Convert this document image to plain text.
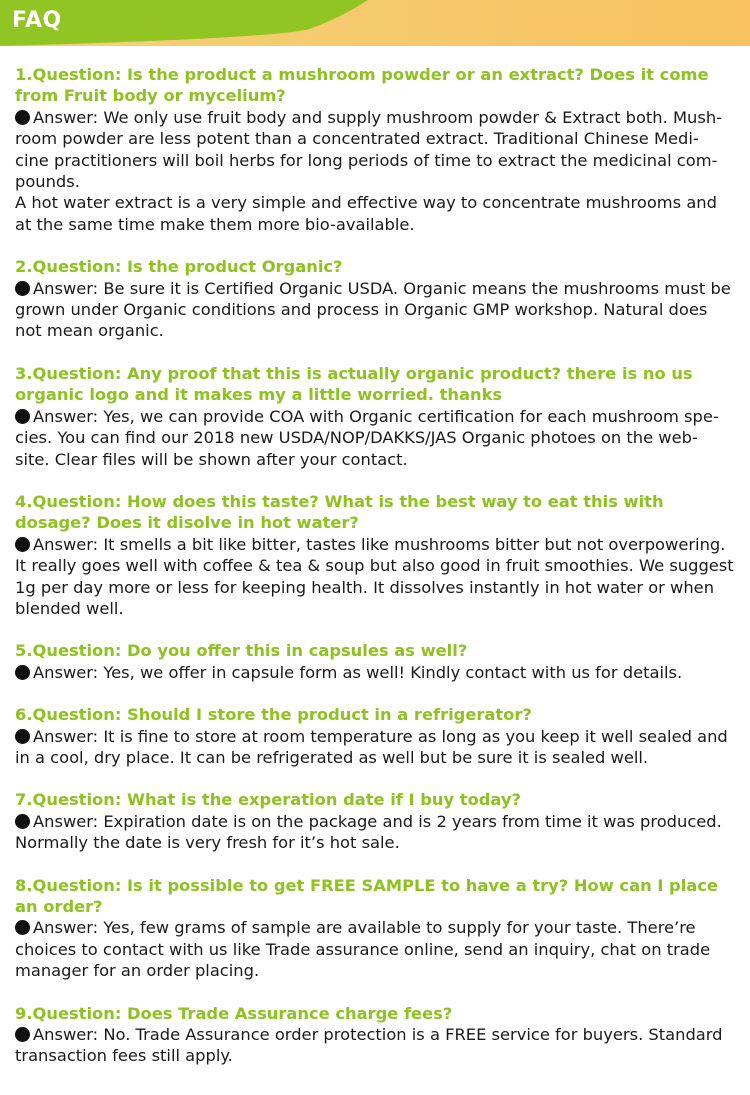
FAQ

1.Question: Is the product a mushroom powder or an extract? Does it come from Fruit body or mycelium?

Answer: We only use fruit body and supply mushroom powder & Extract both. Mush-
room powder are less potent than a concentrated extract. Traditional Chinese Medi-
cine practitioners will boil herbs for long periods of time to extract the medicinal com-
pounds.
A hot water extract is a very simple and effective way to concentrate mushrooms and at the same time make them more bio-available.

2.Question: Is the product Organic?

Answer: Be sure it is Certified Organic USDA. Organic means the mushrooms must be grown under Organic conditions and process in Organic GMP workshop. Natural does not mean organic.

3.Question: Any proof that this is actually organic product? there is no us organic logo and it makes my a little worried. thanks

Answer: Yes, we can provide COA with Organic certification for each mushroom spe-
cies. You can find our 2018 new USDA/NOP/DAKKS/JAS Organic photoes on the web-
site. Clear files will be shown after your contact.

4.Question: How does this taste? What is the best way to eat this with dosage? Does it disolve in hot water?

Answer: It smells a bit like bitter, tastes like mushrooms bitter but not overpowering. It really goes well with coffee & tea & soup but also good in fruit smoothies. We suggest 1g per day more or less for keeping health. It dissolves instantly in hot water or when blended well.

5.Question: Do you offer this in capsules as well?

Answer: Yes, we offer in capsule form as well! Kindly contact with us for details.

6.Question: Should I store the product in a refrigerator?

Answer: It is fine to store at room temperature as long as you keep it well sealed and in a cool, dry place. It can be refrigerated as well but be sure it is sealed well.

7.Question: What is the experation date if I buy today?

Answer: Expiration date is on the package and is 2 years from time it was produced. Normally the date is very fresh for it’s hot sale.

8.Question: Is it possible to get FREE SAMPLE to have a try? How can I place an order?

Answer: Yes, few grams of sample are available to supply for your taste. There’re choices to contact with us like Trade assurance online, send an inquiry, chat on trade manager for an order placing.

9.Question: Does Trade Assurance charge fees?

Answer: No. Trade Assurance order protection is a FREE service for buyers. Standard transaction fees still apply.
